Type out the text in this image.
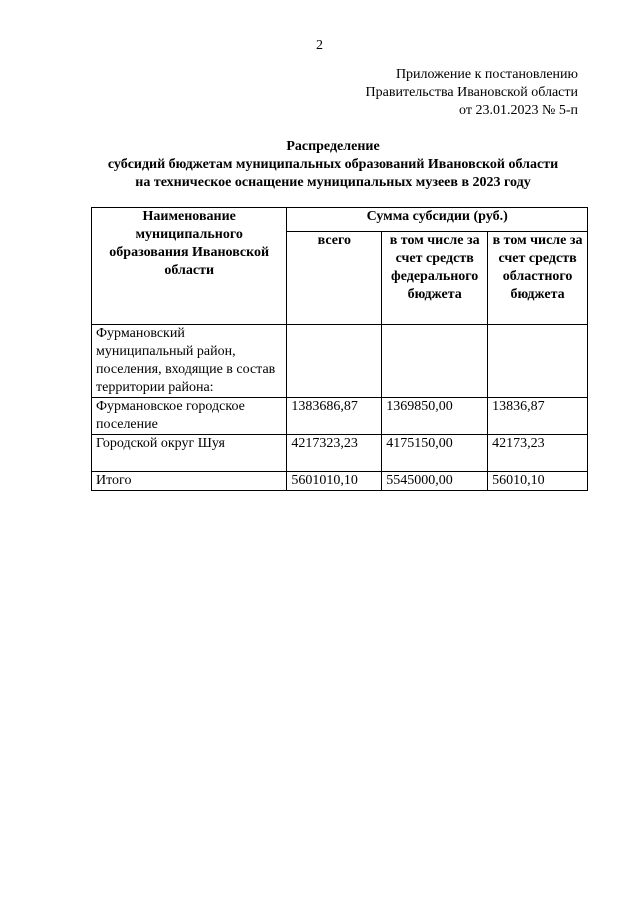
2
Приложение к постановлению
Правительства Ивановской области
от 23.01.2023 № 5-п
Распределение
субсидий бюджетам муниципальных образований Ивановской области
на техническое оснащение муниципальных музеев в 2023 году
Наименование муниципального образования Ивановской области	Сумма субсидии (руб.)		
	всего	в том числе за счет средств федерального бюджета	в том числе за счет средств областного бюджета
Фурмановский муниципальный район, поселения, входящие в состав территории района:			
Фурмановское городское поселение	1383686,87	1369850,00	13836,87
Городской округ Шуя	4217323,23	4175150,00	42173,23
Итого	5601010,10	5545000,00	56010,10
